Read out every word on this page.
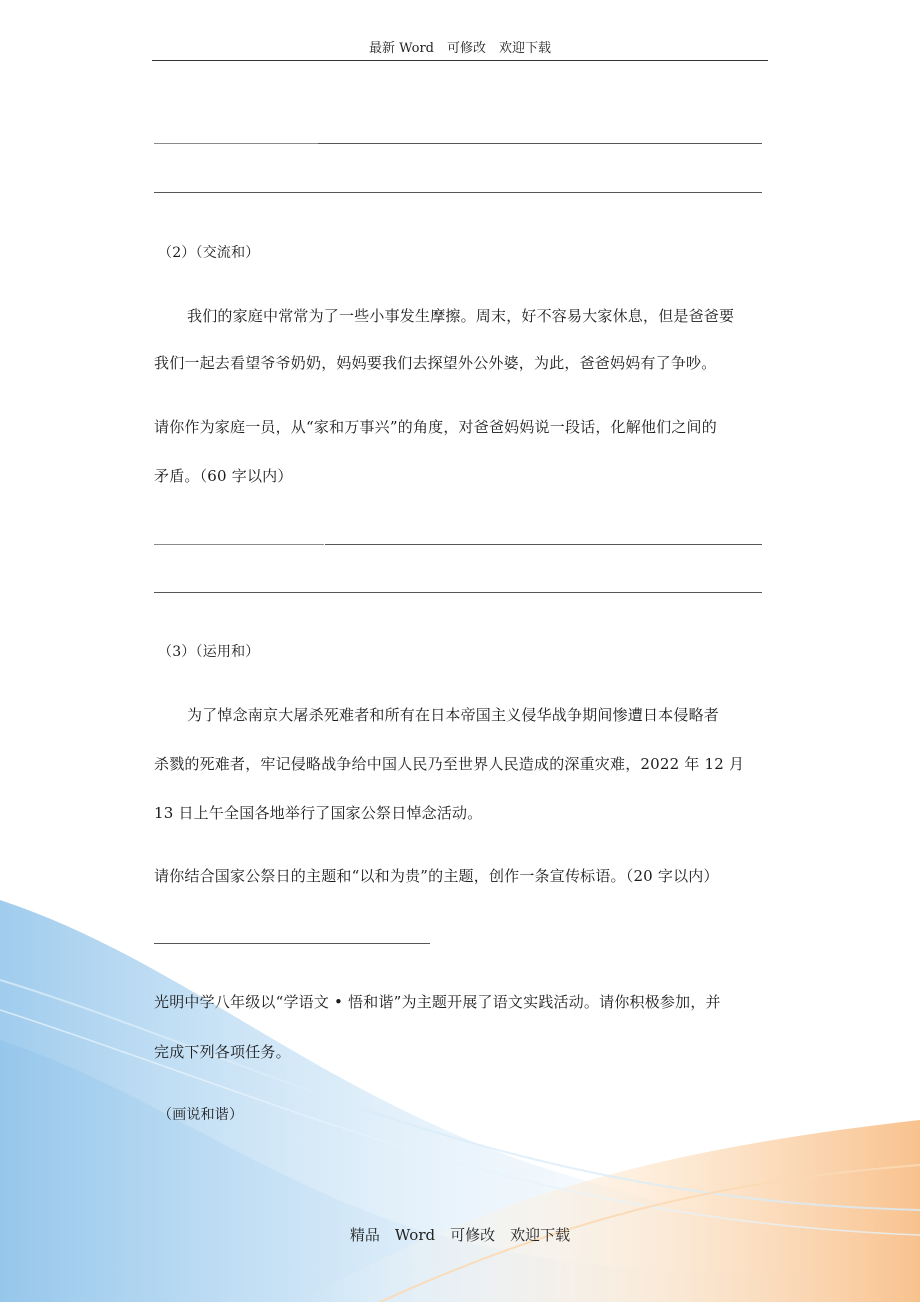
最新 Word　可修改　欢迎下载
（2）（交流和）
我们的家庭中常常为了一些小事发生摩擦。周末，好不容易大家休息，但是爸爸要
我们一起去看望爷爷奶奶，妈妈要我们去探望外公外婆，为此，爸爸妈妈有了争吵。
请你作为家庭一员，从“家和万事兴”的角度，对爸爸妈妈说一段话，化解他们之间的
矛盾。（60 字以内）
（3）（运用和）
为了悼念南京大屠杀死难者和所有在日本帝国主义侵华战争期间惨遭日本侵略者
杀戮的死难者，牢记侵略战争给中国人民乃至世界人民造成的深重灾难，2022 年 12 月
13 日上午全国各地举行了国家公祭日悼念活动。
请你结合国家公祭日的主题和“以和为贵”的主题，创作一条宣传标语。（20 字以内）
光明中学八年级以“学语文 • 悟和谐”为主题开展了语文实践活动。请你积极参加，并
完成下列各项任务。
（画说和谐）
精品　Word　可修改　欢迎下载
